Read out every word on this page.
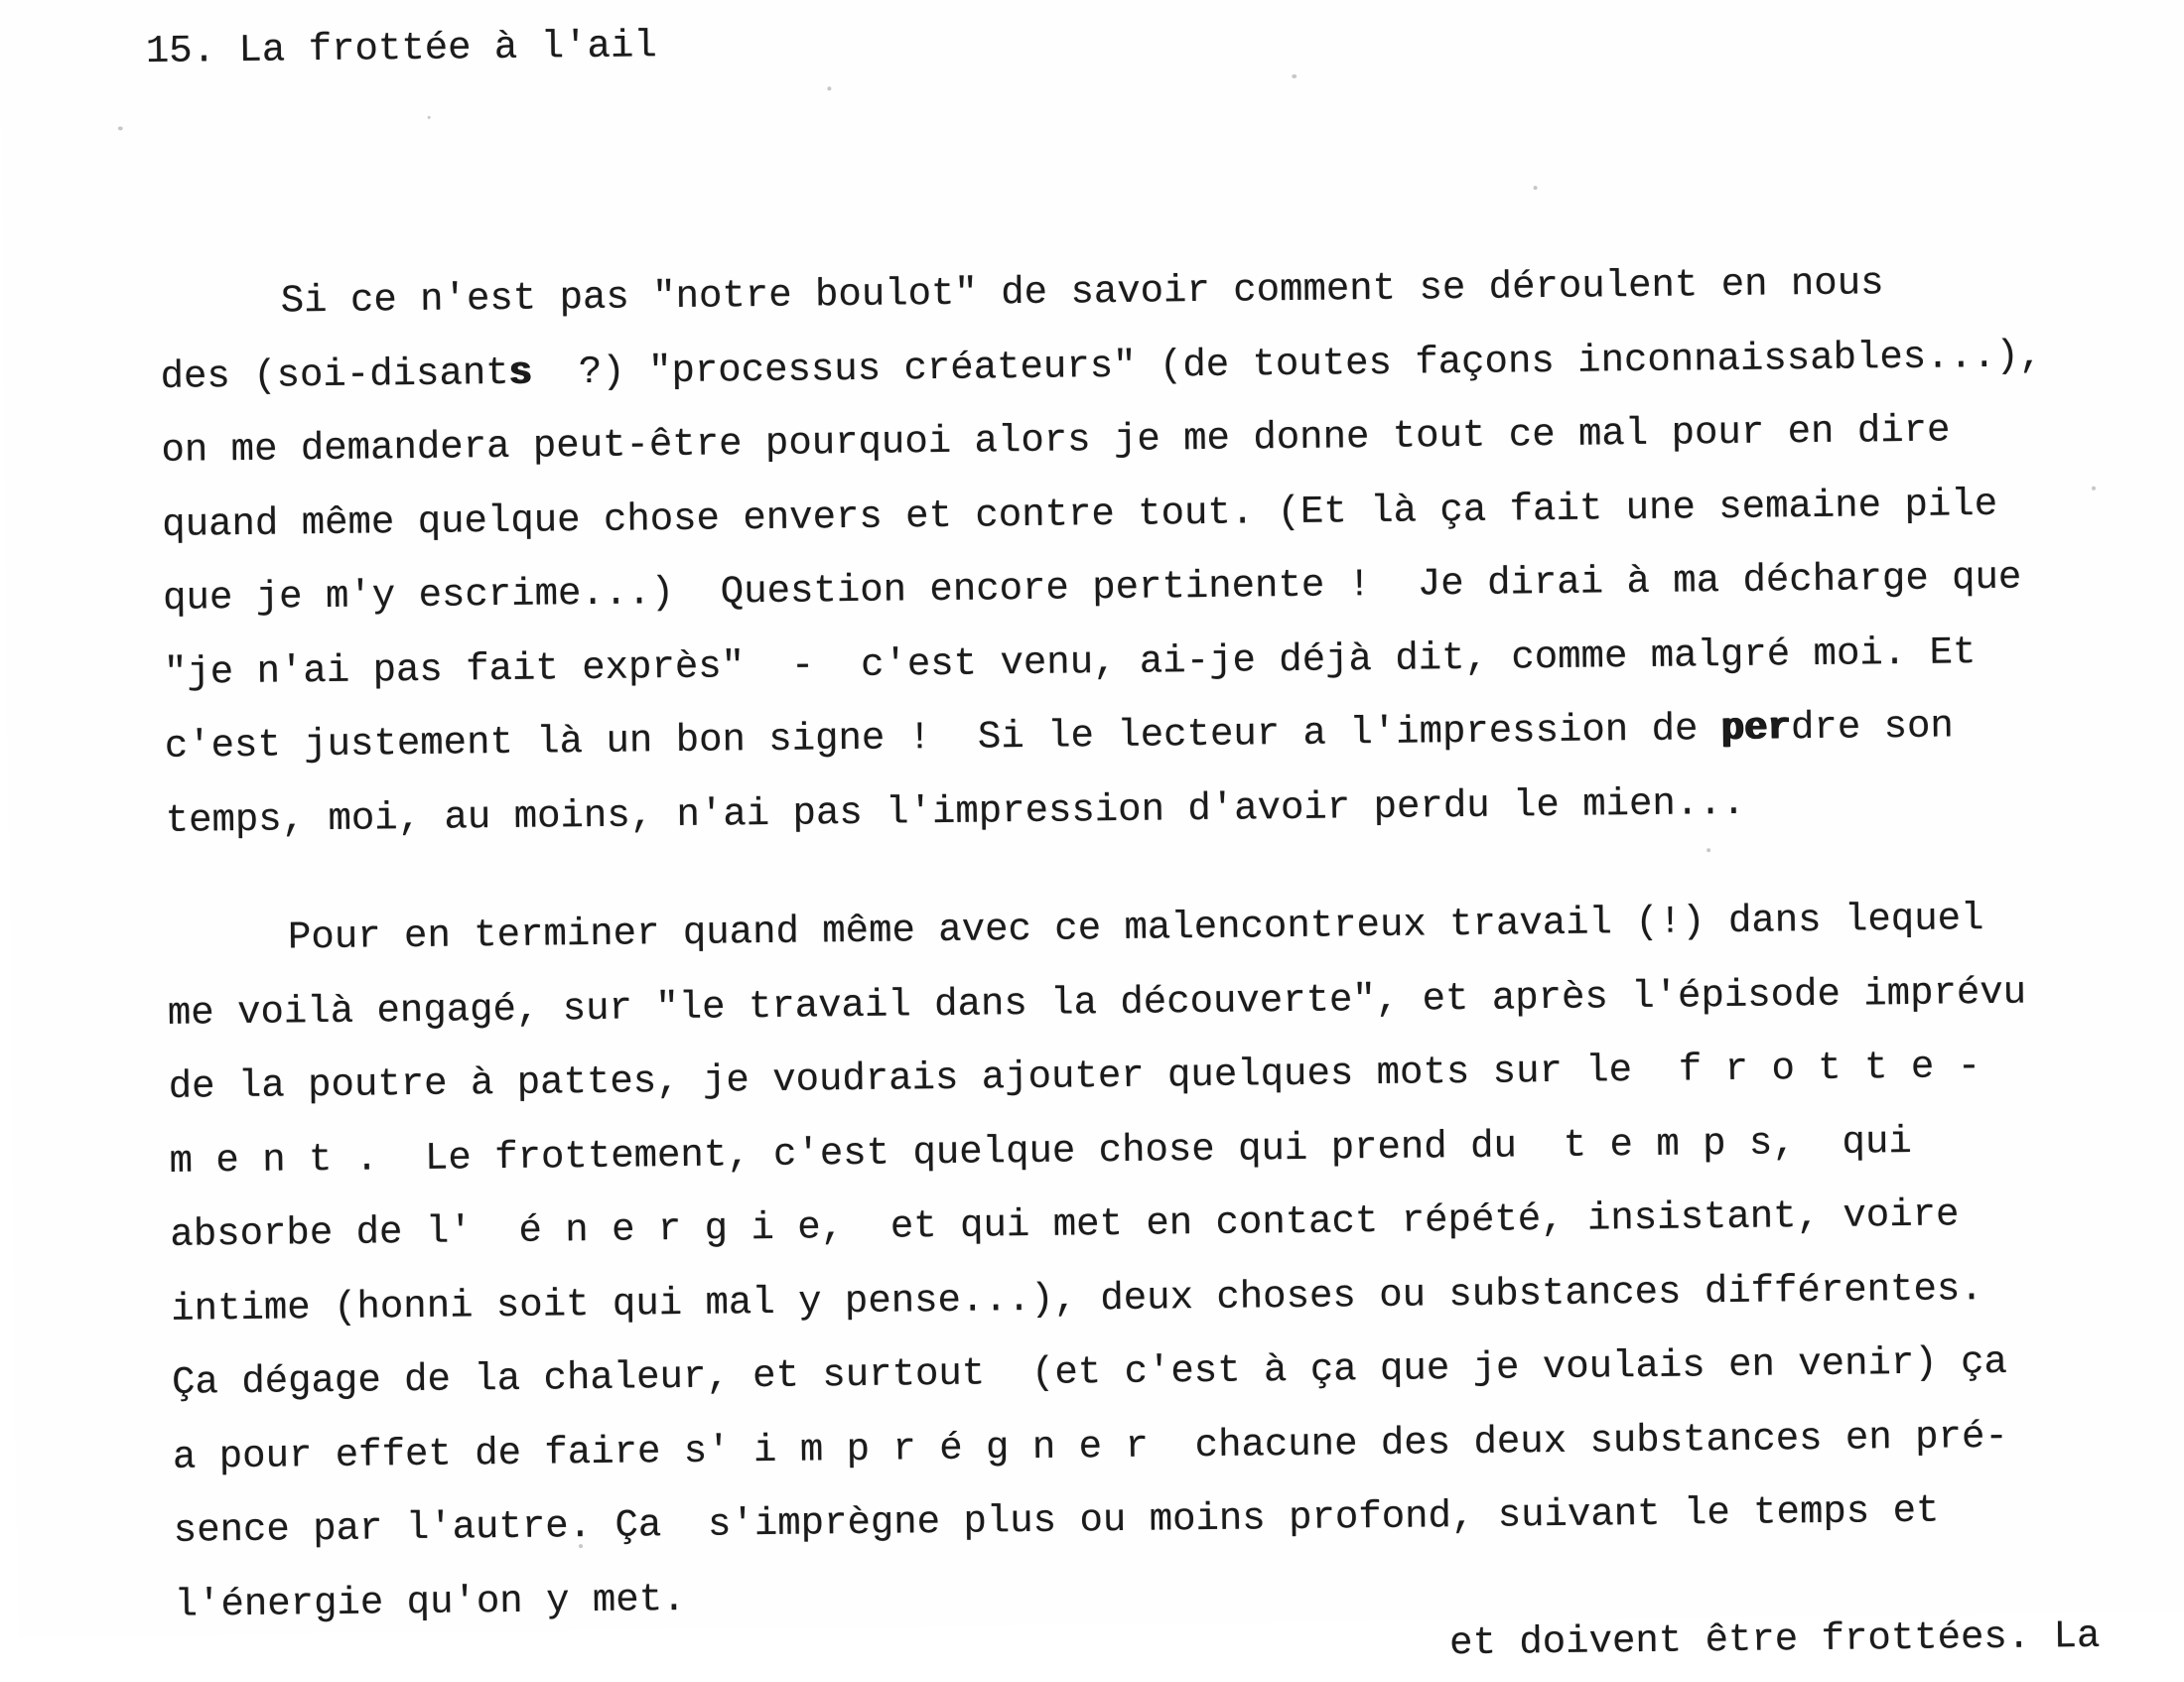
15. La frottée à l'ail
Si ce n'est pas "notre boulot" de savoir comment se déroulent en nous
des (soi-disants  ?) "processus créateurs" (de toutes façons inconnaissables...),
on me demandera peut-être pourquoi alors je me donne tout ce mal pour en dire
quand même quelque chose envers et contre tout. (Et là ça fait une semaine pile
que je m'y escrime...)  Question encore pertinente !  Je dirai à ma décharge que
"je n'ai pas fait exprès"  -  c'est venu, ai-je déjà dit, comme malgré moi. Et
c'est justement là un bon signe !  Si le lecteur a l'impression de perdre son
temps, moi, au moins, n'ai pas l'impression d'avoir perdu le mien...
Pour en terminer quand même avec ce malencontreux travail (!) dans lequel
me voilà engagé, sur "le travail dans la découverte", et après l'épisode imprévu
de la poutre à pattes, je voudrais ajouter quelques mots sur le  f r o t t e -
m e n t .  Le frottement, c'est quelque chose qui prend du  t e m p s,  qui
absorbe de l'  é n e r g i e,  et qui met en contact répété, insistant, voire
intime (honni soit qui mal y pense...), deux choses ou substances différentes.
Ça dégage de la chaleur, et surtout  (et c'est à ça que je voulais en venir) ça
a pour effet de faire s' i m p r é g n e r  chacune des deux substances en pré-
sence par l'autre. Ça  s'imprègne plus ou moins profond, suivant le temps et
l'énergie qu'on y met.
et doivent être frottées. La
